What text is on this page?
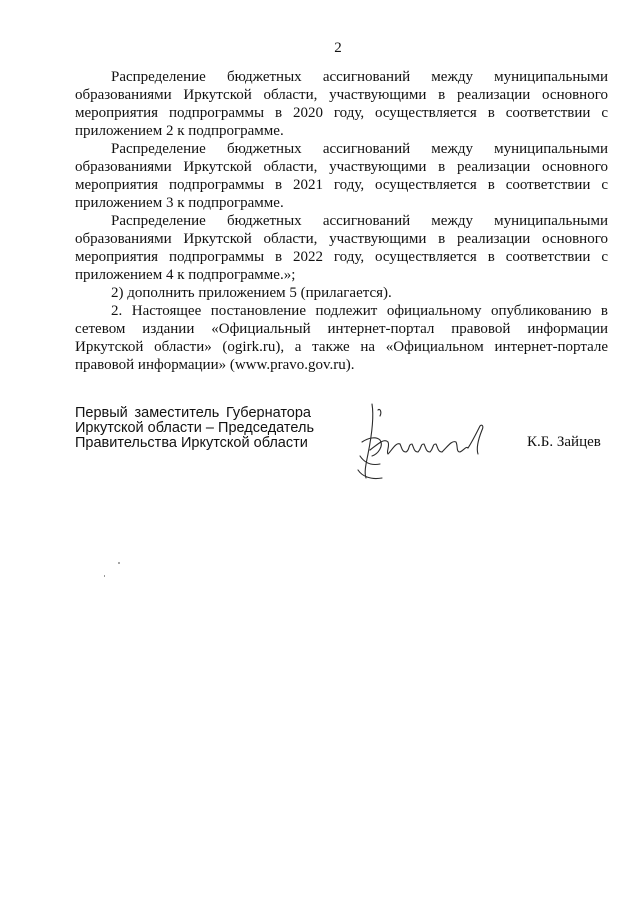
2

Распределение бюджетных ассигнований между муниципальными образованиями Иркутской области, участвующими в реализации основного мероприятия подпрограммы в 2020 году, осуществляется в соответствии с приложением 2 к подпрограмме.

Распределение бюджетных ассигнований между муниципальными образованиями Иркутской области, участвующими в реализации основного мероприятия подпрограммы в 2021 году, осуществляется в соответствии с приложением 3 к подпрограмме.

Распределение бюджетных ассигнований между муниципальными образованиями Иркутской области, участвующими в реализации основного мероприятия подпрограммы в 2022 году, осуществляется в соответствии с приложением 4 к подпрограмме.»;

2) дополнить приложением 5 (прилагается).

2. Настоящее постановление подлежит официальному опубликованию в сетевом издании «Официальный интернет-портал правовой информации Иркутской области» (ogirk.ru), а также на «Официальном интернет-портале правовой информации» (www.pravo.gov.ru).

Первый заместитель Губернатора
Иркутской области – Председатель
Правительства Иркутской области	К.Б. Зайцев
